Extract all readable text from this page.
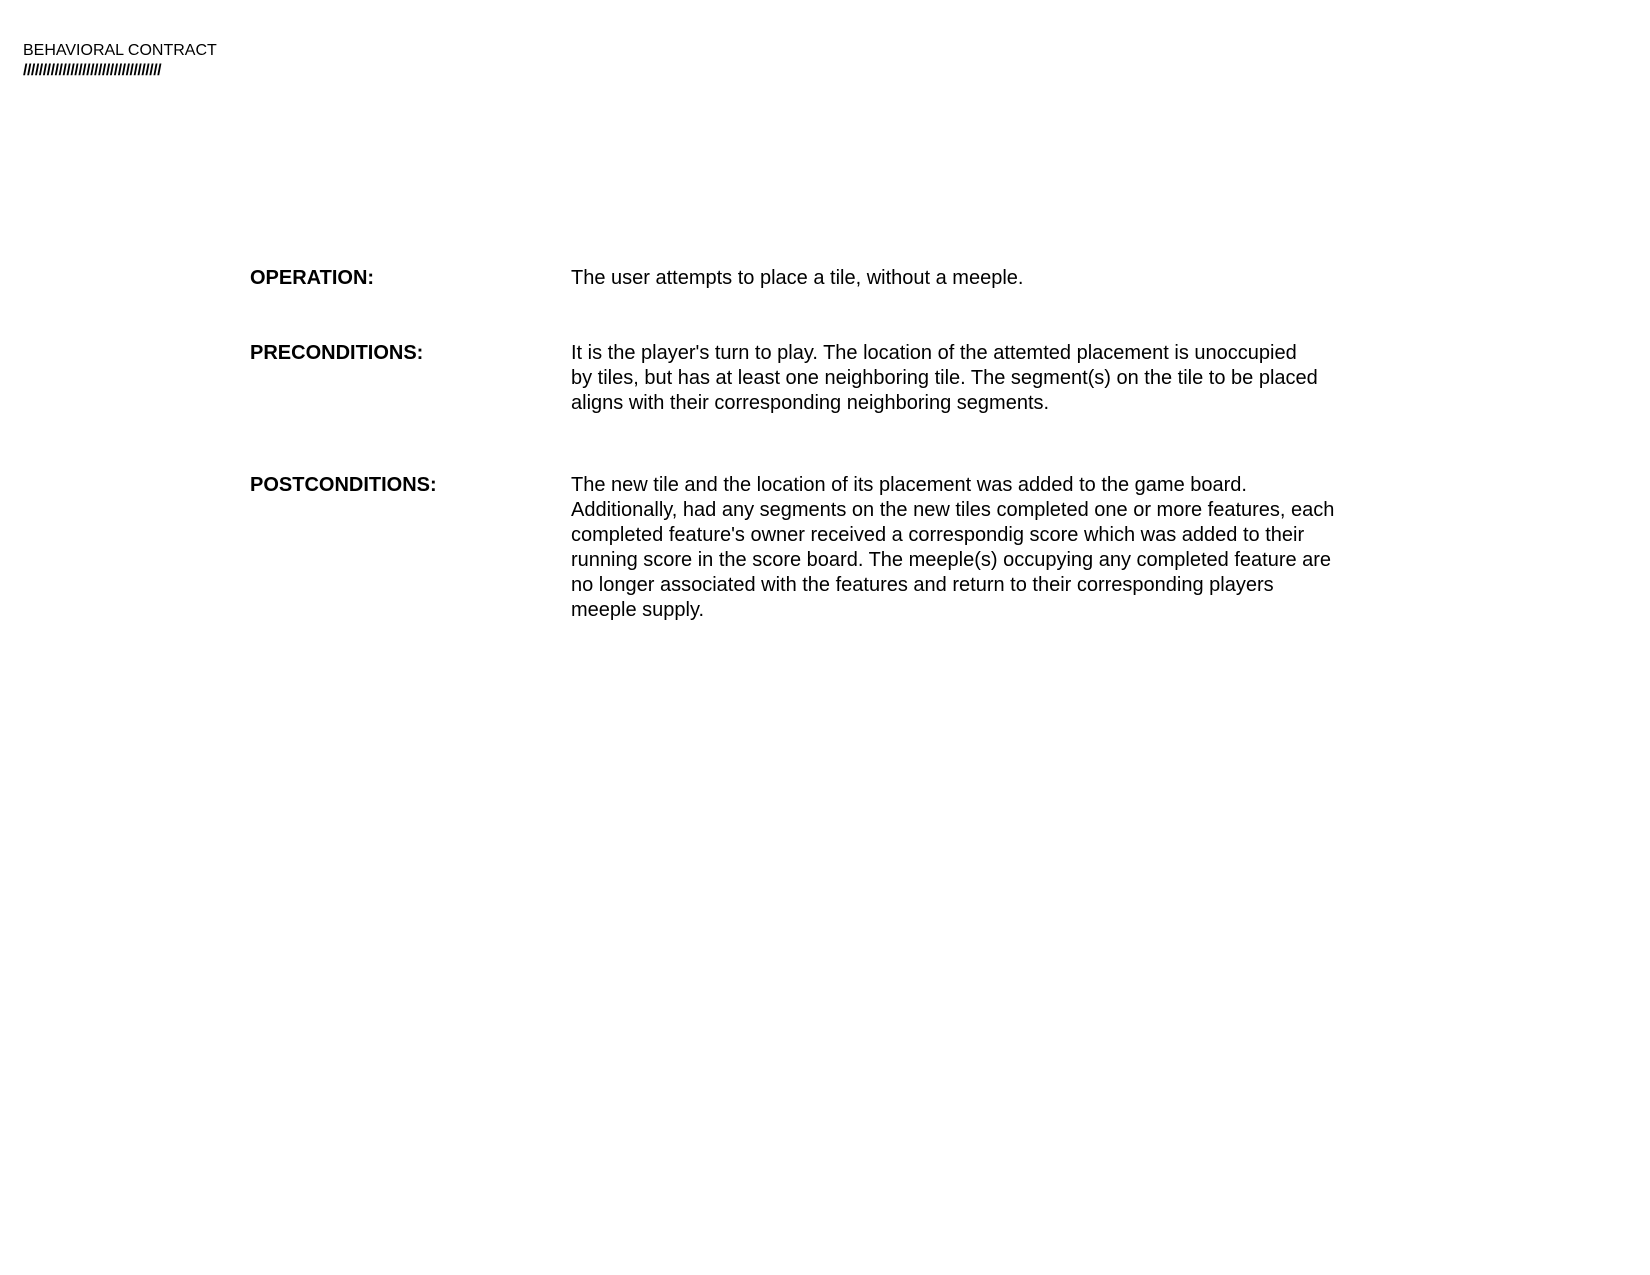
BEHAVIORAL CONTRACT
///////////////////////////////////
OPERATION:	The user attempts to place a tile, without a meeple.
PRECONDITIONS:	It is the player's turn to play. The location of the attemted placement is unoccupied
by tiles, but has at least one neighboring tile. The segment(s) on the tile to be placed
aligns with their corresponding neighboring segments.
POSTCONDITIONS:	The new tile and the location of its placement was added to the game board.
Additionally, had any segments on the new tiles completed one or more features, each
completed feature's owner received a correspondig score which was added to their
running score in the score board. The meeple(s) occupying any completed feature are
no longer associated with the features and return to their corresponding players
meeple supply.
